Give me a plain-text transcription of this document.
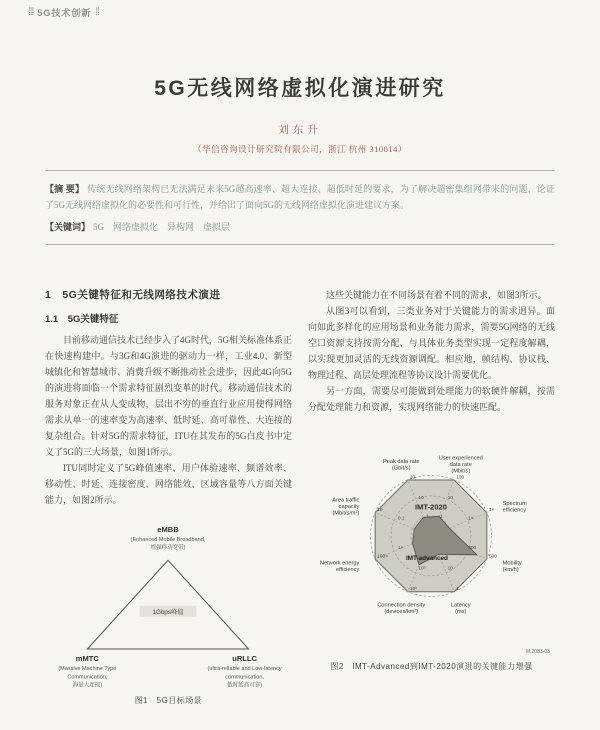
⁞⁞⁞ 5G技术创新 ⁞⁞
5G无线网络虚拟化演进研究
刘东升
（华信咨询设计研究院有限公司，浙江 杭州 310014）

【摘 要】 传统无线网络架构已无法满足未来5G超高速率、超大连接、超低时延的要求，为了解决超密集组网带来的问题，论证了5G无线网络虚拟化的必要性和可行性，并给出了面向5G的无线网络虚拟化演进建议方案。

【关键词】 5G　网络虚拟化　异构网　虚拟层

1　5G关键特征和无线网络技术演进
1.1　5G关键特征

目前移动通信技术已经步入了4G时代，5G相关标准体系正在快速构建中。与3G和4G演进的驱动力一样，工业4.0、新型城镇化和智慧城市、消费升级不断推动社会进步，因此4G向5G的演进将面临一个需求特征剧烈变革的时代。移动通信技术的服务对象正在从人变成物，层出不穷的垂直行业应用使得网络需求从单一的速率变为高速率、低时延、高可靠性、大连接的复杂组合。针对5G的需求特征，ITU在其发布的5G白皮书中定义了5G的三大场景，如图1所示。

ITU同时定义了5G峰值速率、用户体验速率、频谱效率、移动性、时延、连接密度、网络能效、区域容量等八方面关键能力，如图2所示。

eMBB
(Enhanced Mobile Broadband,
增强移动宽带)
1Gbps峰值
mMTC
(Massive Machine Type
Communication,
海量大连接)
uRLLC
(ultra-reliable and Low-latency
communication,
低时延高可靠)
图1　5G目标场景

这些关键能力在不同场景有着不同的需求，如图3所示。

从图3可以看到，三类业务对于关键能力的需求迥异。面向如此多样化的应用场景和业务能力需求，需要5G网络的无线空口资源支持按需分配、与具体业务类型实现一定程度解耦，以实现更加灵活的无线资源调配。相应地，帧结构、协议栈、物理过程、高层处理流程等协议设计需要优化。

另一方面，需要尽可能做到处理能力的软硬件解耦，按需分配处理能力和资源，实现网络能力的快速匹配。

Peak data rate (Gbit/s)
20
10
1
User experienced data rate (Mbit/s)
100
10
1
Spectrum efficiency
3×
1×
Mobility (km/h)
500
400
Latency (ms)
1
10
Connection density (devices/km²)
10⁶
10⁵
Network energy efficiency
100×
1×
Area traffic capacity (Mbit/s/m²)	10
0.1
IMT-2020
IMT-advanced
M.2083-03
图2　IMT-Advanced到IMT-2020演进的关键能力增强
